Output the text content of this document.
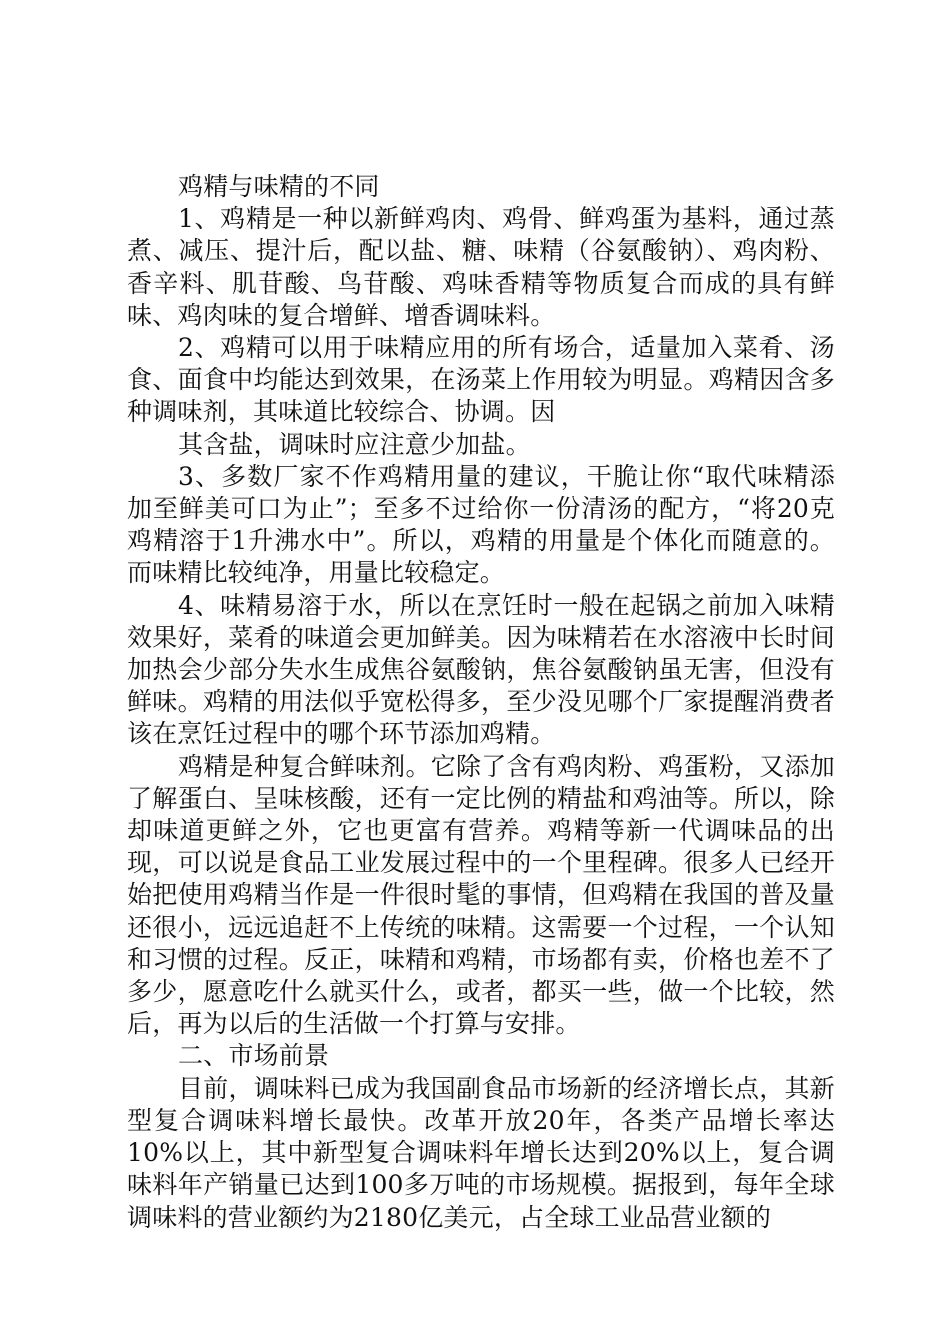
鸡精与味精的不同

1、鸡精是一种以新鲜鸡肉、鸡骨、鲜鸡蛋为基料，通过蒸煮、减压、提汁后，配以盐、糖、味精（谷氨酸钠）、鸡肉粉、香辛料、肌苷酸、鸟苷酸、鸡味香精等物质复合而成的具有鲜味、鸡肉味的复合增鲜、增香调味料。

2、鸡精可以用于味精应用的所有场合，适量加入菜肴、汤食、面食中均能达到效果，在汤菜上作用较为明显。鸡精因含多种调味剂，其味道比较综合、协调。因

其含盐，调味时应注意少加盐。

3、多数厂家不作鸡精用量的建议，干脆让你“取代味精添加至鲜美可口为止”；至多不过给你一份清汤的配方，“将20克鸡精溶于1升沸水中”。所以，鸡精的用量是个体化而随意的。而味精比较纯净，用量比较稳定。

4、味精易溶于水，所以在烹饪时一般在起锅之前加入味精效果好，菜肴的味道会更加鲜美。因为味精若在水溶液中长时间加热会少部分失水生成焦谷氨酸钠，焦谷氨酸钠虽无害，但没有鲜味。鸡精的用法似乎宽松得多，至少没见哪个厂家提醒消费者该在烹饪过程中的哪个环节添加鸡精。

鸡精是种复合鲜味剂。它除了含有鸡肉粉、鸡蛋粉，又添加了解蛋白、呈味核酸，还有一定比例的精盐和鸡油等。所以，除却味道更鲜之外，它也更富有营养。鸡精等新一代调味品的出现，可以说是食品工业发展过程中的一个里程碑。很多人已经开始把使用鸡精当作是一件很时髦的事情，但鸡精在我国的普及量还很小，远远追赶不上传统的味精。这需要一个过程，一个认知和习惯的过程。反正，味精和鸡精，市场都有卖，价格也差不了多少，愿意吃什么就买什么，或者，都买一些，做一个比较，然后，再为以后的生活做一个打算与安排。

二、市场前景

目前，调味料已成为我国副食品市场新的经济增长点，其新型复合调味料增长最快。改革开放20年，各类产品增长率达10%以上，其中新型复合调味料年增长达到20%以上，复合调味料年产销量已达到100多万吨的市场规模。据报到，每年全球调味料的营业额约为2180亿美元，占全球工业品营业额的
